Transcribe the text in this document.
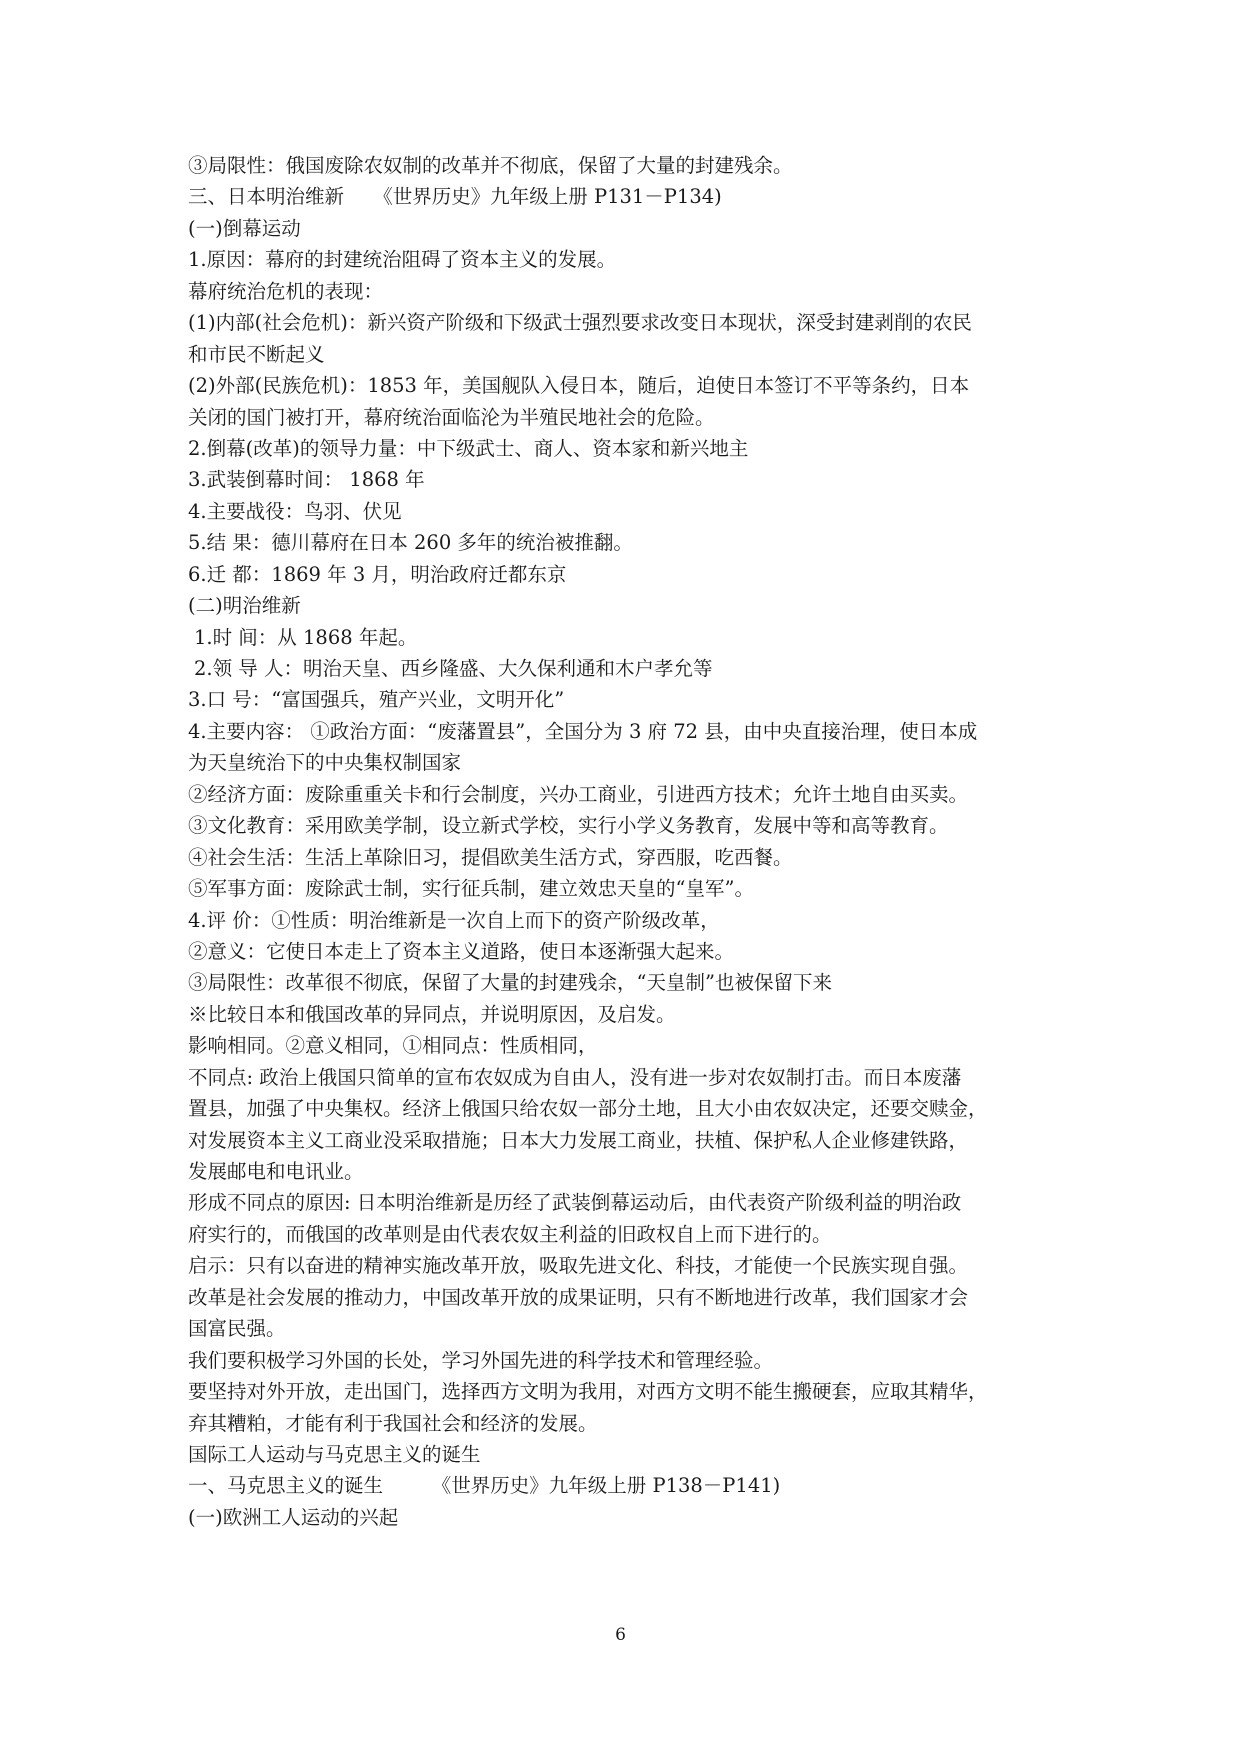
③局限性：俄国废除农奴制的改革并不彻底，保留了大量的封建残余。
三、日本明治维新　　《世界历史》九年级上册 P131－P134)
(一)倒幕运动
1.原因：幕府的封建统治阻碍了资本主义的发展。
幕府统治危机的表现：
(1)内部(社会危机)：新兴资产阶级和下级武士强烈要求改变日本现状，深受封建剥削的农民
和市民不断起义
(2)外部(民族危机)：1853 年，美国舰队入侵日本，随后，迫使日本签订不平等条约，日本
关闭的国门被打开，幕府统治面临沦为半殖民地社会的危险。
2.倒幕(改革)的领导力量：中下级武士、商人、资本家和新兴地主
3.武装倒幕时间： 1868 年
4.主要战役：鸟羽、伏见
5.结 果：德川幕府在日本 260 多年的统治被推翻。
6.迁 都：1869 年 3 月，明治政府迁都东京
(二)明治维新
1.时 间：从 1868 年起。
2.领 导 人：明治天皇、西乡隆盛、大久保利通和木户孝允等
3.口 号：“富国强兵，殖产兴业，文明开化”
4.主要内容： ①政治方面：“废藩置县”，全国分为 3 府 72 县，由中央直接治理，使日本成
为天皇统治下的中央集权制国家
②经济方面：废除重重关卡和行会制度，兴办工商业，引进西方技术；允许土地自由买卖。
③文化教育：采用欧美学制，设立新式学校，实行小学义务教育，发展中等和高等教育。
④社会生活：生活上革除旧习，提倡欧美生活方式，穿西服，吃西餐。
⑤军事方面：废除武士制，实行征兵制，建立效忠天皇的“皇军”。
4.评 价：①性质：明治维新是一次自上而下的资产阶级改革，
②意义：它使日本走上了资本主义道路，使日本逐渐强大起来。
③局限性：改革很不彻底，保留了大量的封建残余，“天皇制”也被保留下来
※比较日本和俄国改革的异同点，并说明原因，及启发。
影响相同。②意义相同，①相同点：性质相同，
不同点: 政治上俄国只简单的宣布农奴成为自由人，没有进一步对农奴制打击。而日本废藩
置县，加强了中央集权。经济上俄国只给农奴一部分土地，且大小由农奴决定，还要交赎金，
对发展资本主义工商业没采取措施；日本大力发展工商业，扶植、保护私人企业修建铁路，
发展邮电和电讯业。
形成不同点的原因: 日本明治维新是历经了武装倒幕运动后，由代表资产阶级利益的明治政
府实行的，而俄国的改革则是由代表农奴主利益的旧政权自上而下进行的。
启示：只有以奋进的精神实施改革开放，吸取先进文化、科技，才能使一个民族实现自强。
改革是社会发展的推动力，中国改革开放的成果证明，只有不断地进行改革，我们国家才会
国富民强。
我们要积极学习外国的长处，学习外国先进的科学技术和管理经验。
要坚持对外开放，走出国门，选择西方文明为我用，对西方文明不能生搬硬套，应取其精华，
弃其糟粕，才能有利于我国社会和经济的发展。
国际工人运动与马克思主义的诞生
一、马克思主义的诞生　　　《世界历史》九年级上册 P138－P141)
(一)欧洲工人运动的兴起
6
